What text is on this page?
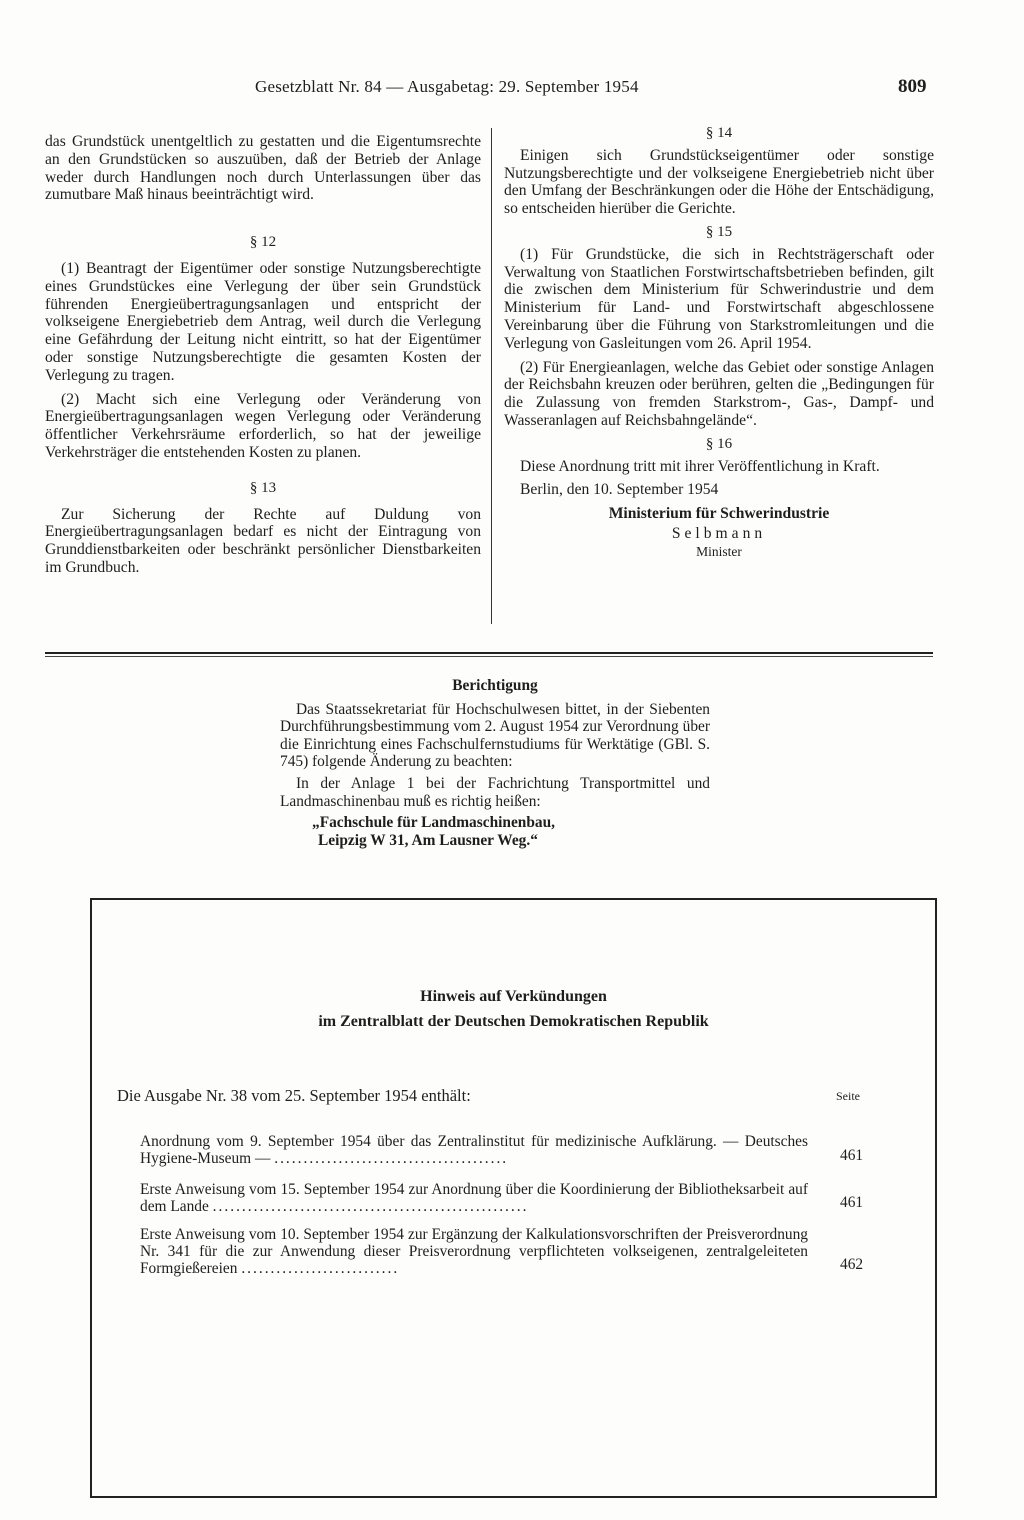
Gesetzblatt Nr. 84 — Ausgabetag: 29. September 1954	809

das Grundstück unentgeltlich zu gestatten und die Eigentumsrechte an den Grundstücken so auszuüben, daß der Betrieb der Anlage weder durch Handlungen noch durch Unterlassungen über das zumutbare Maß hinaus beeinträchtigt wird.

§ 12

(1) Beantragt der Eigentümer oder sonstige Nutzungsberechtigte eines Grundstückes eine Verlegung der über sein Grundstück führenden Energieübertragungsanlagen und entspricht der volkseigene Energiebetrieb dem Antrag, weil durch die Verlegung eine Gefährdung der Leitung nicht eintritt, so hat der Eigentümer oder sonstige Nutzungsberechtigte die gesamten Kosten der Verlegung zu tragen.

(2) Macht sich eine Verlegung oder Veränderung von Energieübertragungsanlagen wegen Verlegung oder Veränderung öffentlicher Verkehrsräume erforderlich, so hat der jeweilige Verkehrsträger die entstehenden Kosten zu planen.

§ 13

Zur Sicherung der Rechte auf Duldung von Energieübertragungsanlagen bedarf es nicht der Eintragung von Grunddienstbarkeiten oder beschränkt persönlicher Dienstbarkeiten im Grundbuch.

§ 14

Einigen sich Grundstückseigentümer oder sonstige Nutzungsberechtigte und der volkseigene Energiebetrieb nicht über den Umfang der Beschränkungen oder die Höhe der Entschädigung, so entscheiden hierüber die Gerichte.

§ 15

(1) Für Grundstücke, die sich in Rechtsträgerschaft oder Verwaltung von Staatlichen Forstwirtschaftsbetrieben befinden, gilt die zwischen dem Ministerium für Schwerindustrie und dem Ministerium für Land- und Forstwirtschaft abgeschlossene Vereinbarung über die Führung von Starkstromleitungen und die Verlegung von Gasleitungen vom 26. April 1954.

(2) Für Energieanlagen, welche das Gebiet oder sonstige Anlagen der Reichsbahn kreuzen oder berühren, gelten die „Bedingungen für die Zulassung von fremden Starkstrom-, Gas-, Dampf- und Wasseranlagen auf Reichsbahngelände“.

§ 16

Diese Anordnung tritt mit ihrer Veröffentlichung in Kraft.

Berlin, den 10. September 1954

Ministerium für Schwerindustrie
Selbmann
Minister
Berichtigung

Das Staatssekretariat für Hochschulwesen bittet, in der Siebenten Durchführungsbestimmung vom 2. August 1954 zur Verordnung über die Einrichtung eines Fachschulfernstudiums für Werktätige (GBl. S. 745) folgende Änderung zu beachten:

In der Anlage 1 bei der Fachrichtung Transportmittel und Landmaschinenbau muß es richtig heißen:

„Fachschule für Landmaschinenbau,
Leipzig W 31, Am Lausner Weg.“
Hinweis auf Verkündungen
im Zentralblatt der Deutschen Demokratischen Republik
Die Ausgabe Nr. 38 vom 25. September 1954 enthält:	Seite
Anordnung vom 9. September 1954 über das Zentralinstitut für medizinische Aufklärung. — Deutsches Hygiene-Museum — ........................................	461
Erste Anweisung vom 15. September 1954 zur Anordnung über die Koordinierung der Bibliotheksarbeit auf dem Lande ......................................................	461
Erste Anweisung vom 10. September 1954 zur Ergänzung der Kalkulationsvorschriften der Preisverordnung Nr. 341 für die zur Anwendung dieser Preisverordnung verpflichteten volkseigenen, zentralgeleiteten Formgießereien ...........................	462
